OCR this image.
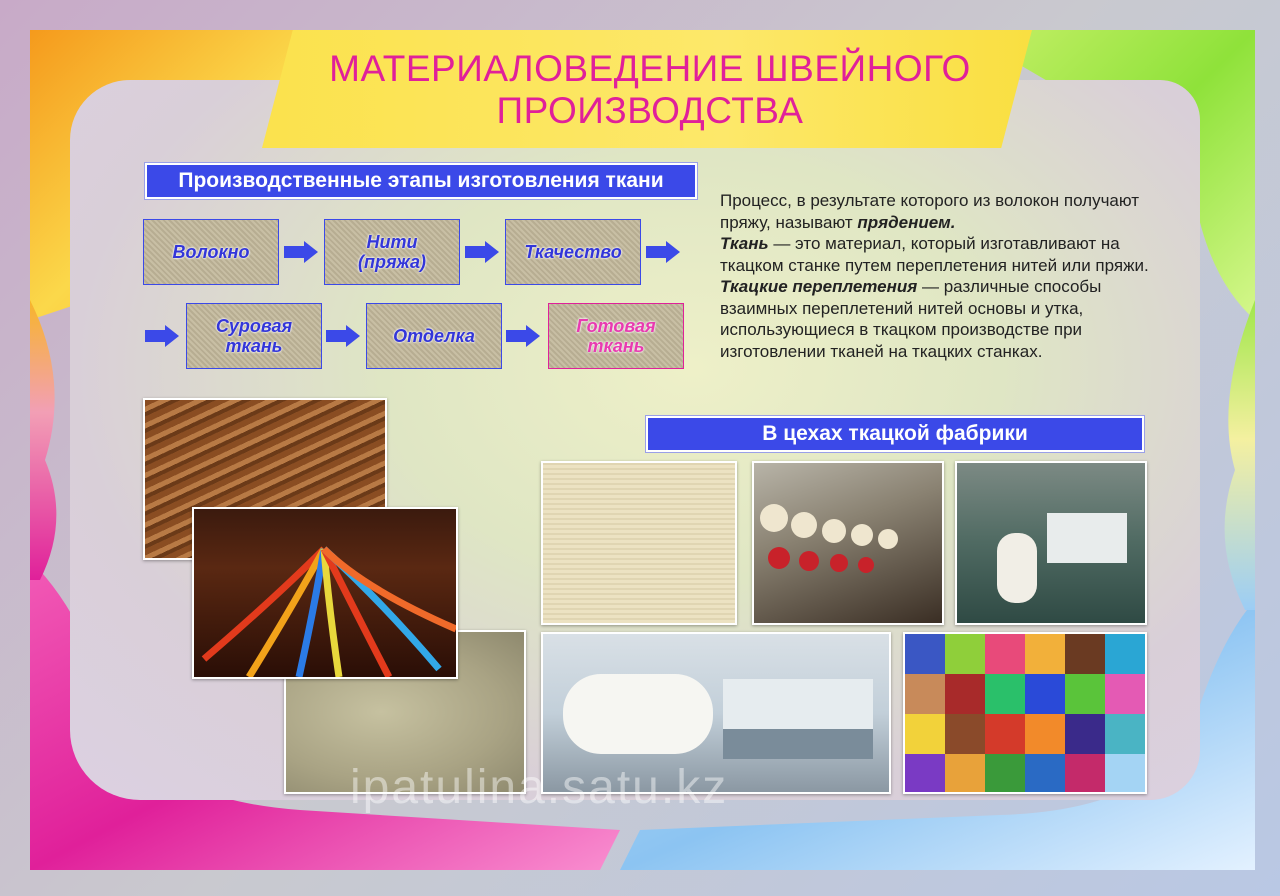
МАТЕРИАЛОВЕДЕНИЕ ШВЕЙНОГО
ПРОИЗВОДСТВА
Производственные этапы изготовления ткани
Волокно	Нити
(пряжа)	Ткачество
Суровая
ткань	Отделка	Готовая
ткань
Процесс, в результате которого из волокон получают пряжу, называют прядением.
Ткань — это материал, который изготавливают на ткацком станке путем переплетения нитей или пряжи.
Ткацкие переплетения — различные способы взаимных переплетений нитей основы и утка, использующиеся в ткацком производстве при изготовлении тканей на ткацких станках.
В цехах ткацкой фабрики
ipatulina.satu.kz
